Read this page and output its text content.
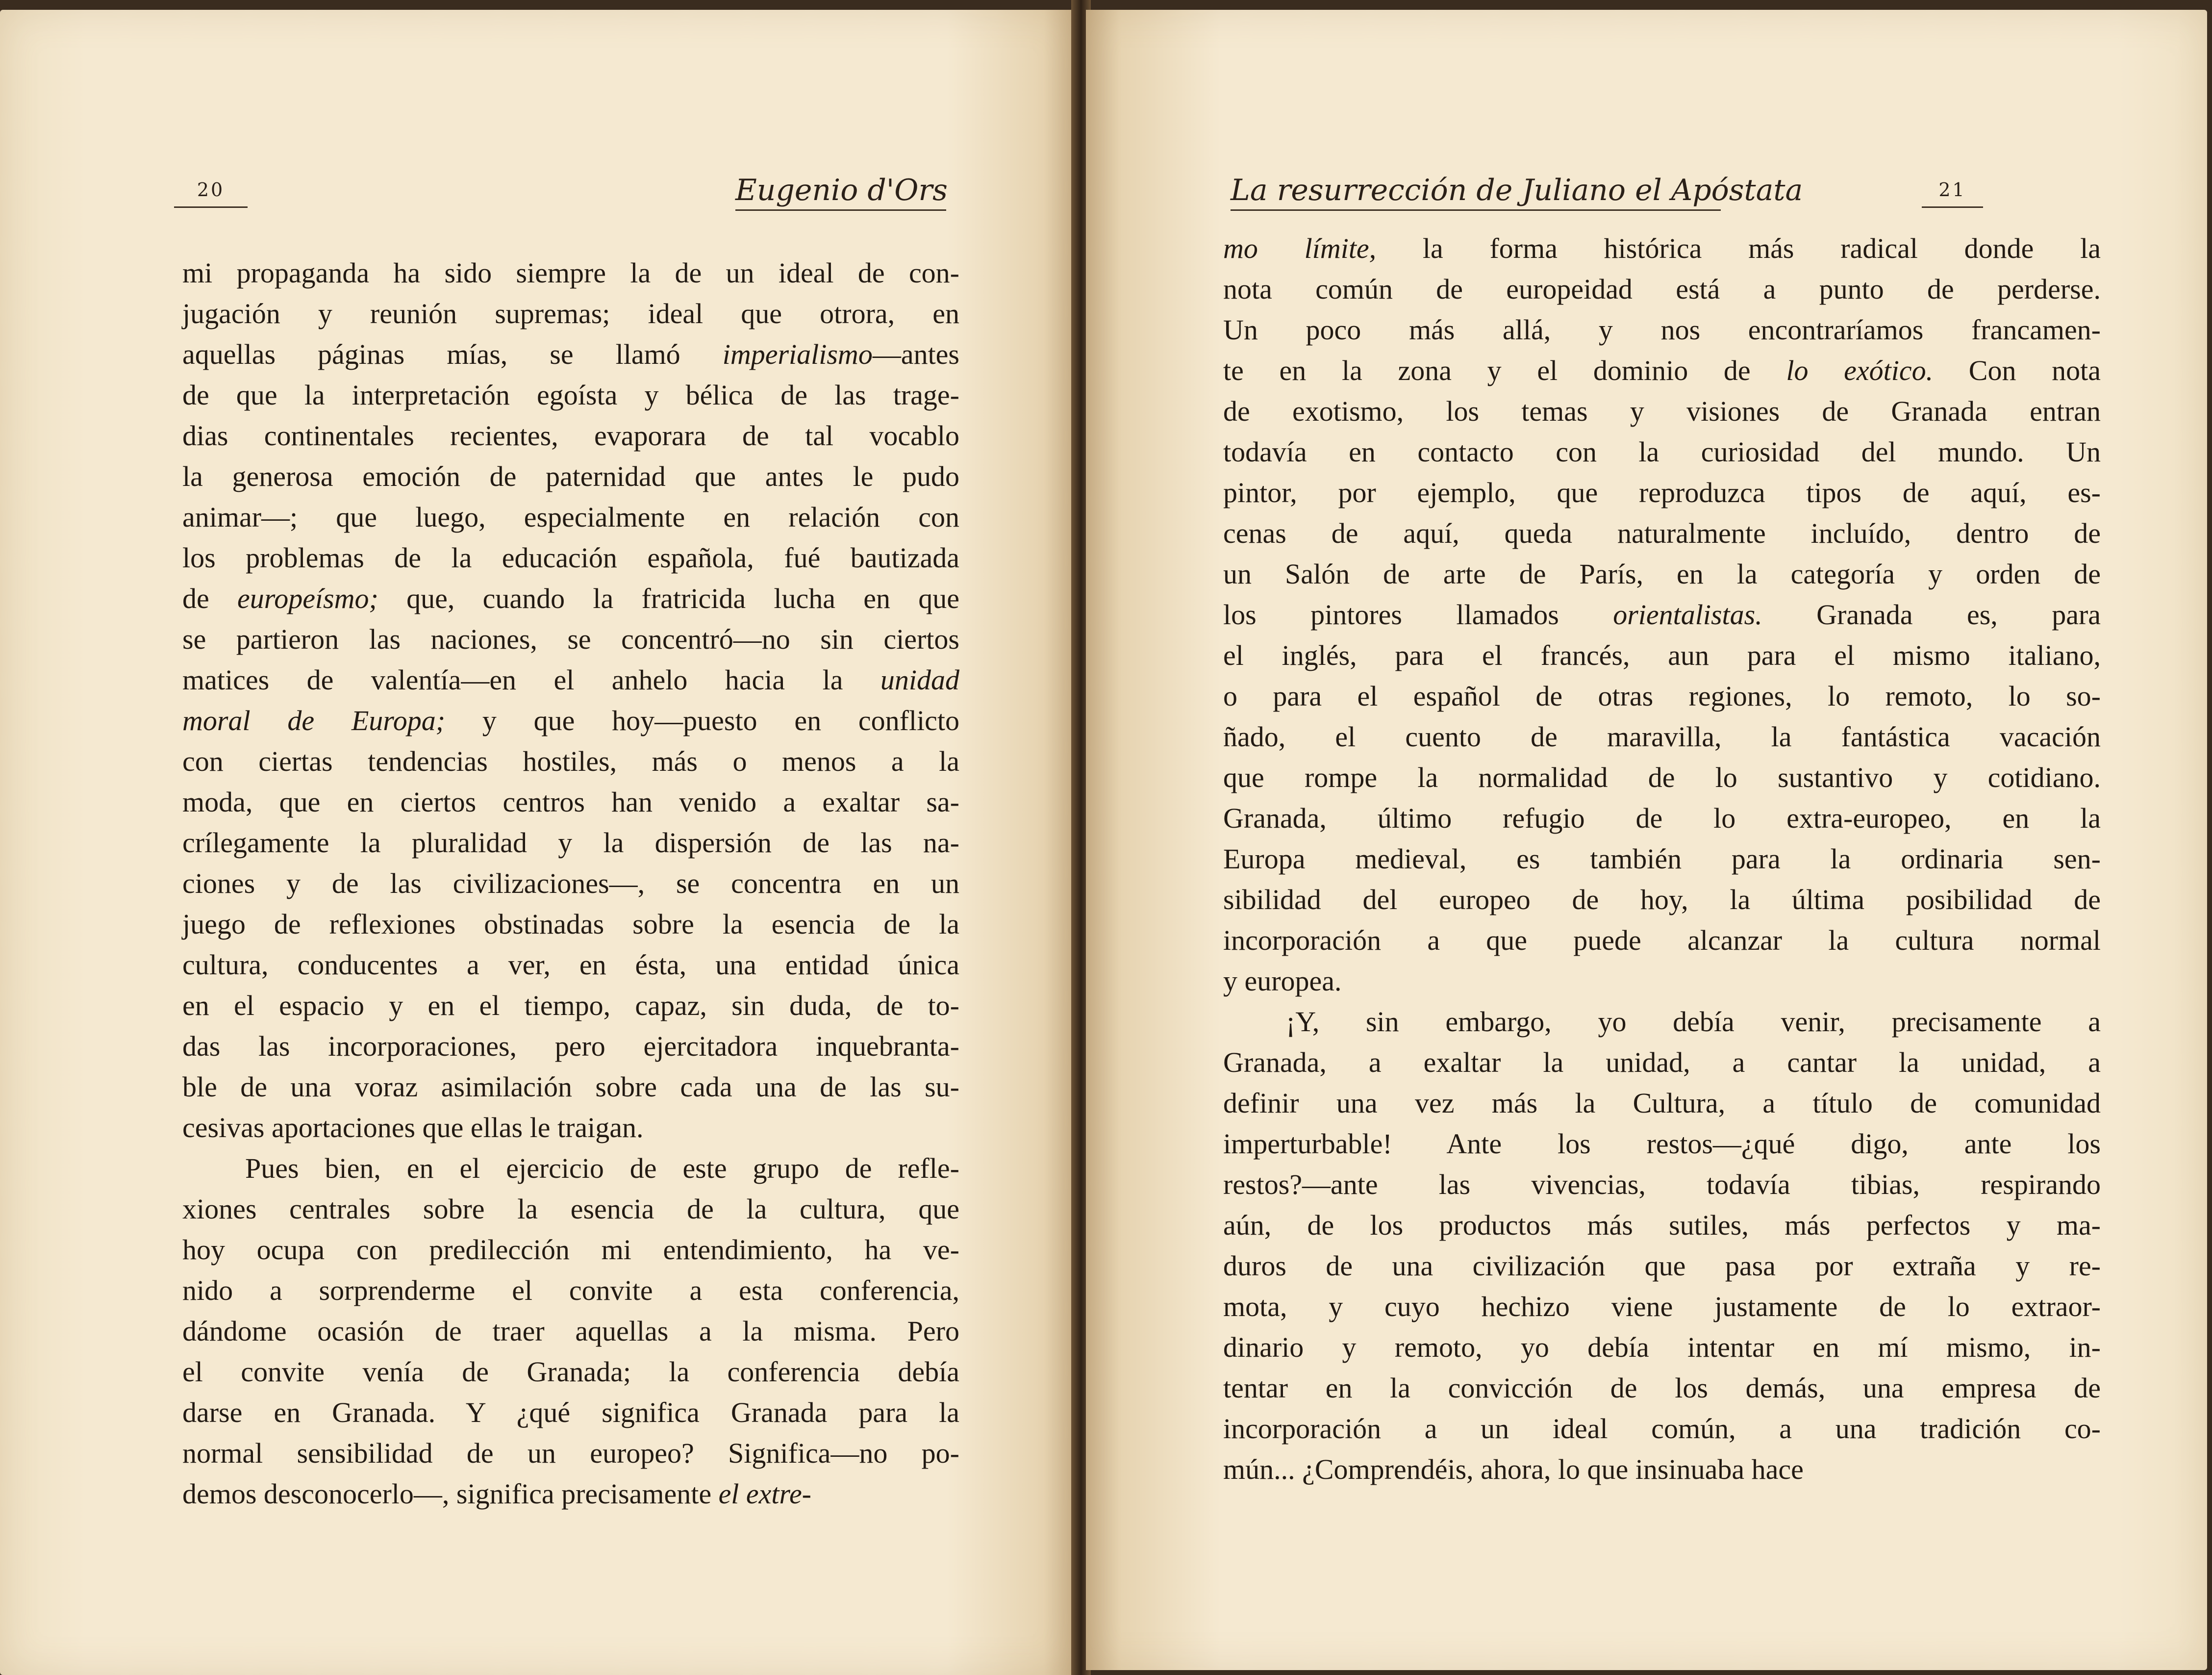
20	Eugenio d'Ors
mi propaganda ha sido siempre la de un ideal de con-
jugación y reunión supremas; ideal que otrora, en
aquellas páginas mías, se llamó imperialismo—antes
de que la interpretación egoísta y bélica de las trage-
dias continentales recientes, evaporara de tal vocablo
la generosa emoción de paternidad que antes le pudo
animar—; que luego, especialmente en relación con
los problemas de la educación española, fué bautizada
de europeísmo; que, cuando la fratricida lucha en que
se partieron las naciones, se concentró—no sin ciertos
matices de valentía—en el anhelo hacia la unidad
moral de Europa; y que hoy—puesto en conflicto
con ciertas tendencias hostiles, más o menos a la
moda, que en ciertos centros han venido a exaltar sa-
crílegamente la pluralidad y la dispersión de las na-
ciones y de las civilizaciones—, se concentra en un
juego de reflexiones obstinadas sobre la esencia de la
cultura, conducentes a ver, en ésta, una entidad única
en el espacio y en el tiempo, capaz, sin duda, de to-
das las incorporaciones, pero ejercitadora inquebranta-
ble de una voraz asimilación sobre cada una de las su-
cesivas aportaciones que ellas le traigan.
Pues bien, en el ejercicio de este grupo de refle-
xiones centrales sobre la esencia de la cultura, que
hoy ocupa con predilección mi entendimiento, ha ve-
nido a sorprenderme el convite a esta conferencia,
dándome ocasión de traer aquellas a la misma. Pero
el convite venía de Granada; la conferencia debía
darse en Granada. Y ¿qué significa Granada para la
normal sensibilidad de un europeo? Significa—no po-
demos desconocerlo—, significa precisamente el extre-
La resurrección de Juliano el Apóstata	21
mo límite, la forma histórica más radical donde la
nota común de europeidad está a punto de perderse.
Un poco más allá, y nos encontraríamos francamen-
te en la zona y el dominio de lo exótico. Con nota
de exotismo, los temas y visiones de Granada entran
todavía en contacto con la curiosidad del mundo. Un
pintor, por ejemplo, que reproduzca tipos de aquí, es-
cenas de aquí, queda naturalmente incluído, dentro de
un Salón de arte de París, en la categoría y orden de
los pintores llamados orientalistas. Granada es, para
el inglés, para el francés, aun para el mismo italiano,
o para el español de otras regiones, lo remoto, lo so-
ñado, el cuento de maravilla, la fantástica vacación
que rompe la normalidad de lo sustantivo y cotidiano.
Granada, último refugio de lo extra-europeo, en la
Europa medieval, es también para la ordinaria sen-
sibilidad del europeo de hoy, la última posibilidad de
incorporación a que puede alcanzar la cultura normal
y europea.
¡Y, sin embargo, yo debía venir, precisamente a
Granada, a exaltar la unidad, a cantar la unidad, a
definir una vez más la Cultura, a título de comunidad
imperturbable! Ante los restos—¿qué digo, ante los
restos?—ante las vivencias, todavía tibias, respirando
aún, de los productos más sutiles, más perfectos y ma-
duros de una civilización que pasa por extraña y re-
mota, y cuyo hechizo viene justamente de lo extraor-
dinario y remoto, yo debía intentar en mí mismo, in-
tentar en la convicción de los demás, una empresa de
incorporación a un ideal común, a una tradición co-
mún... ¿Comprendéis, ahora, lo que insinuaba hace
